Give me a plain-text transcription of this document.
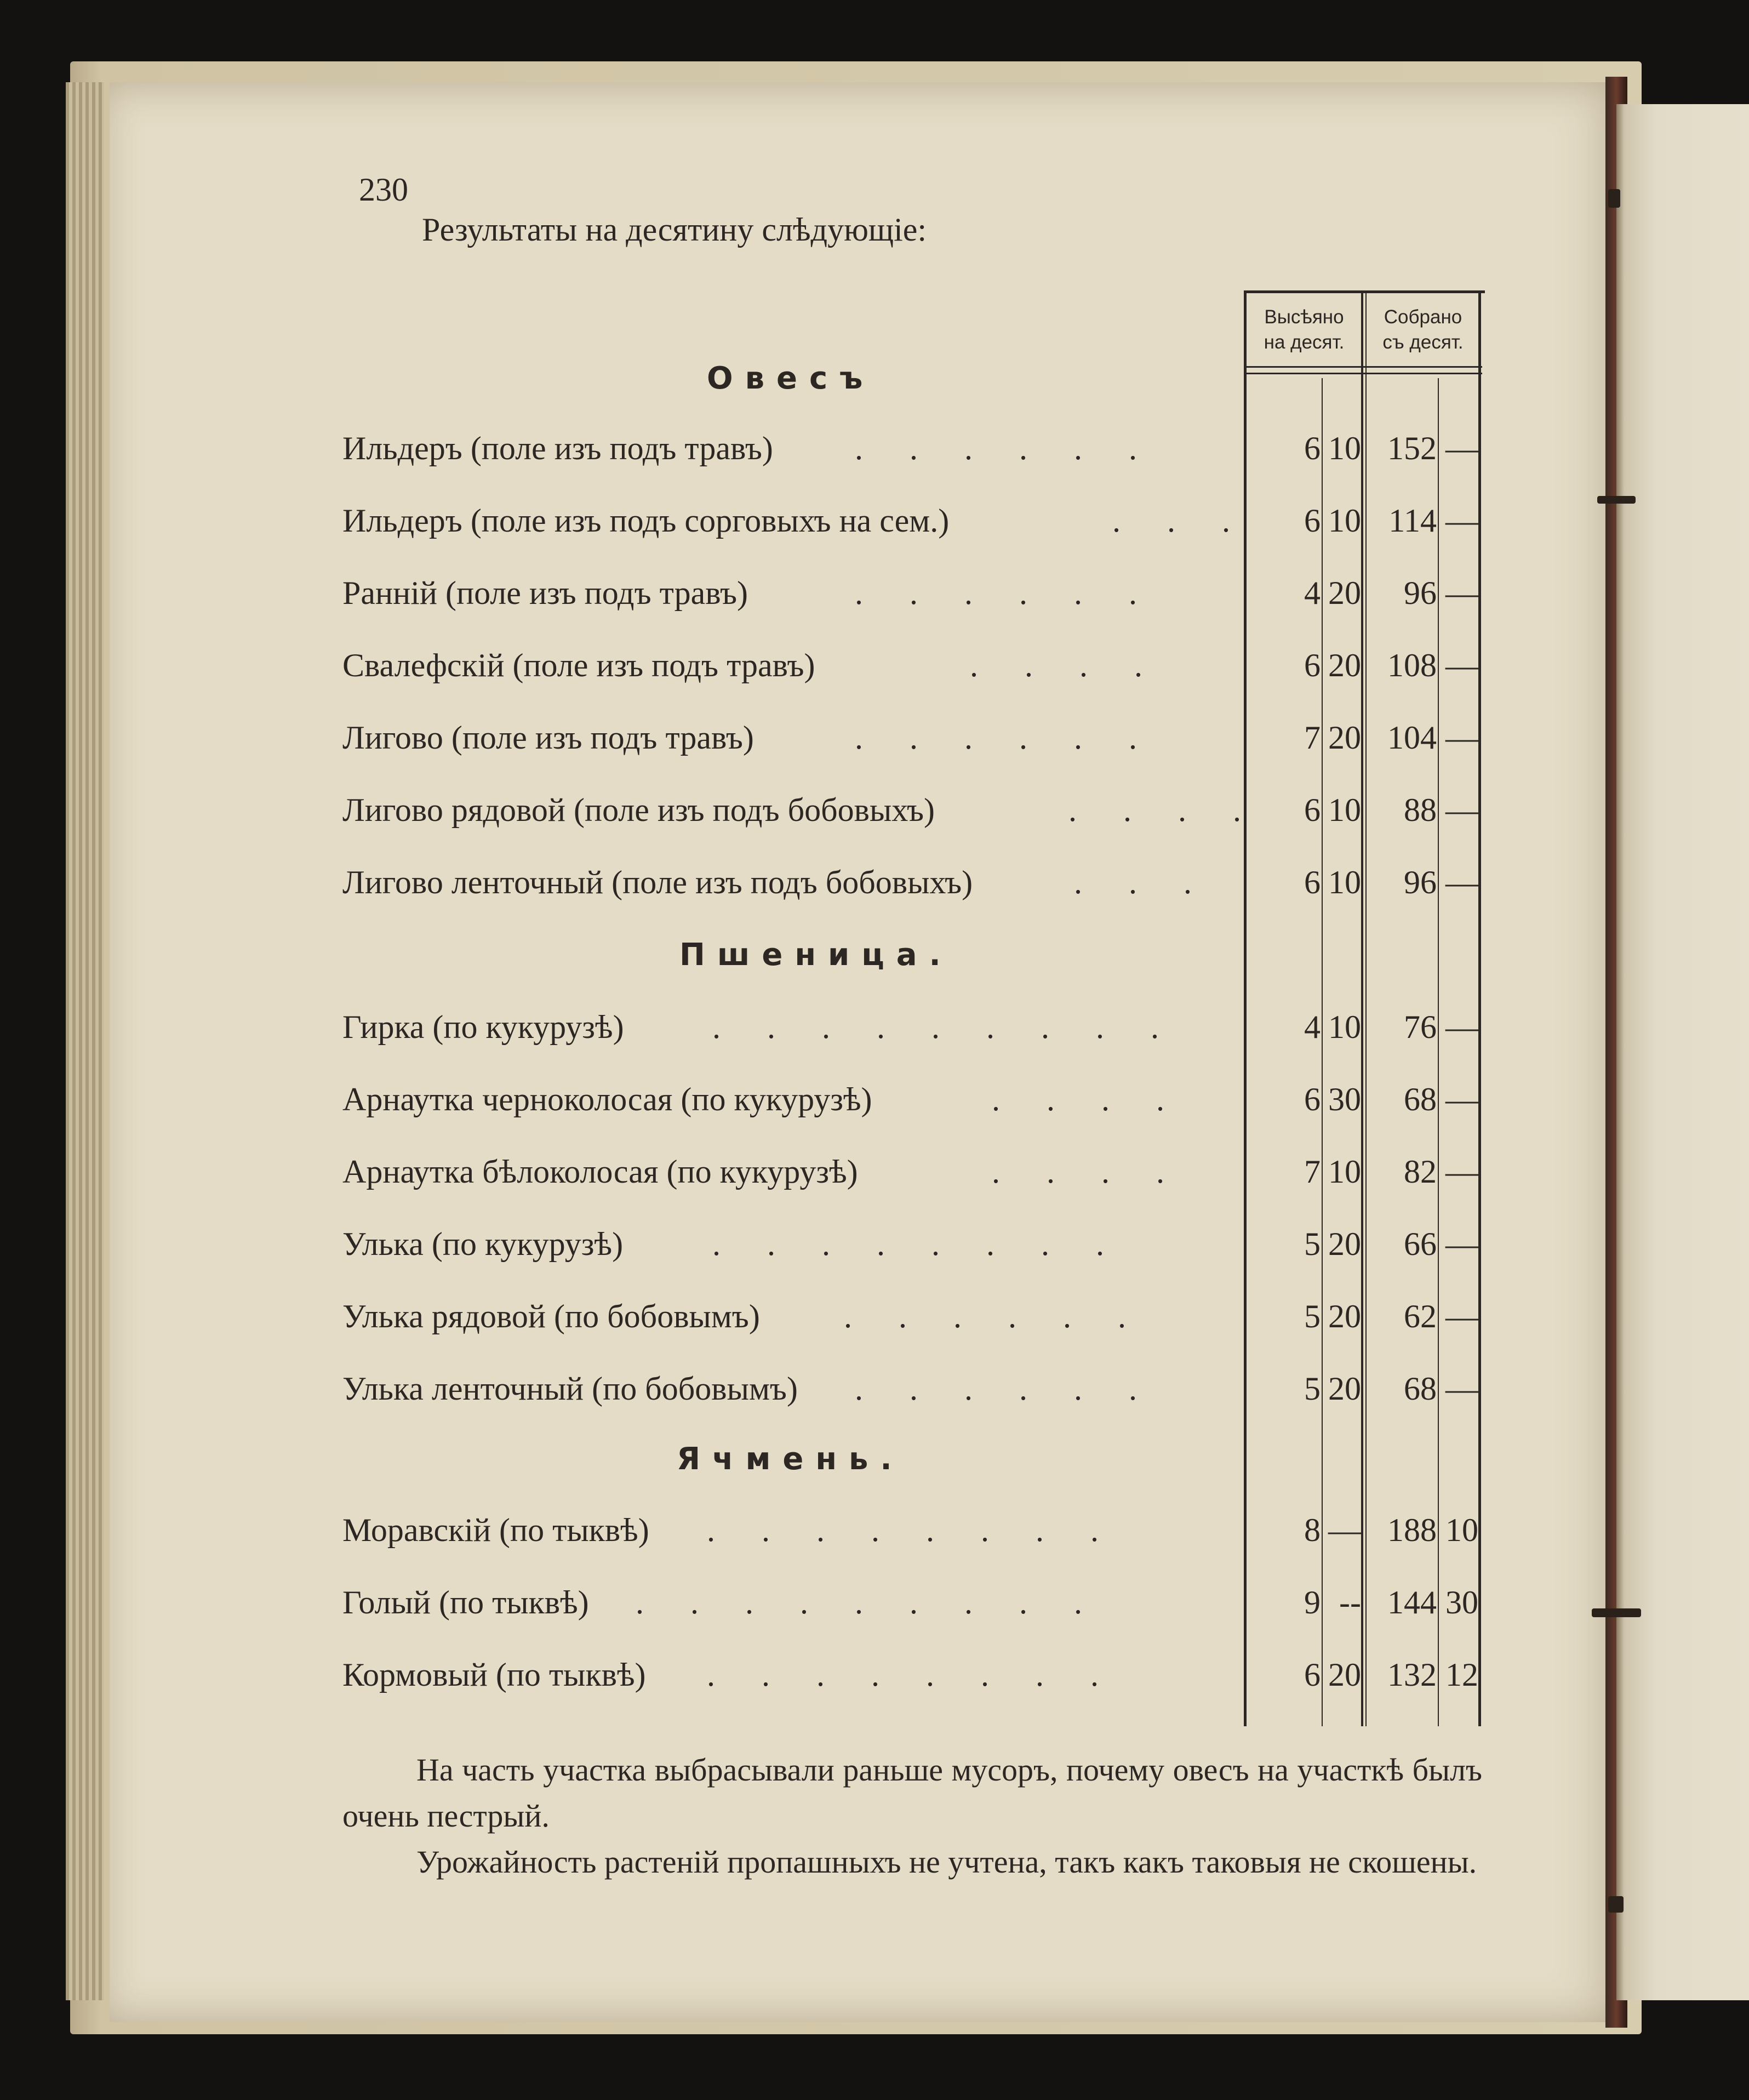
230
Результаты на десятину слѣдующіе:
Высѣяно
на десят.
Собрано
съ десят.
Овесъ
Пшеница.
Ячмень.
Ильдеръ (поле изъ подъ травъ) . . . . . .	6 10 152 —
Ильдеръ (поле изъ подъ сорговыхъ на сем.)	. . .	6 10 114 —
Ранній (поле изъ подъ травъ)	. . . . . .	4 20	96 —
Свалефскій (поле изъ подъ травъ)	. . . .	6 20 108 —
Лигово (поле изъ подъ травъ)	. . . . . .	7 20 104 —
Лигово рядовой (поле изъ подъ бобовыхъ)	. . . .	6 10	88 —
Лигово ленточный (поле изъ подъ бобовыхъ)	. . .	6 10	96 —
Гирка (по кукурузѣ)	. . . . . . . . .	4 10	76 —
Арнаутка черноколосая (по кукурузѣ)	. . . .	6 30	68 —
Арнаутка бѣлоколосая (по кукурузѣ)	. . . .	7 10	82 —
Улька (по кукурузѣ)	. . . . . . . .	5 20	66 —
Улька рядовой (по бобовымъ)	. . . . . .	5 20	62 —
Улька ленточный (по бобовымъ) . . . . . .	5 20	68 —
Моравскій (по тыквѣ) . . . . . . . .	8 — 188 10
Голый (по тыквѣ) . . . . . . . . .	9 -- 144 30
Кормовый (по тыквѣ) . . . . . . . .	6 20 132 12
На часть участка выбрасывали раньше мусоръ, почему овесъ на участкѣ былъ очень пестрый.
Урожайность растеній пропашныхъ не учтена, такъ какъ таковыя не скошены.
